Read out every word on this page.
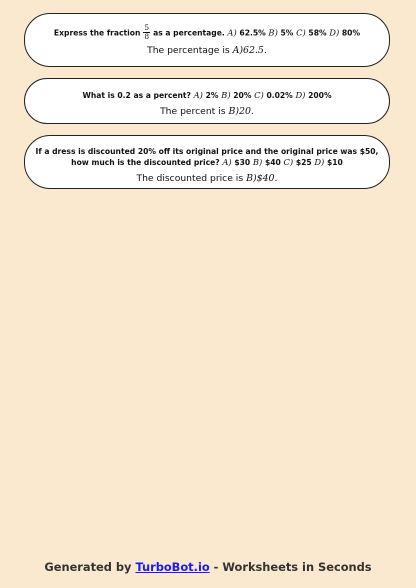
Express the fraction $\frac{5}{8}$ as a percentage. A) 62.5% B) 5% C) 58% D) 80%
The percentage is A)62.5.
What is 0.2 as a percent? A) 2% B) 20% C) 0.02% D) 200%
The percent is B)20.
If a dress is discounted 20% off its original price and the original price was $50, how much is the discounted price? A) $30 B) $40 C) $25 D) $10
The discounted price is B)$40.
Generated by TurboBot.io - Worksheets in Seconds
